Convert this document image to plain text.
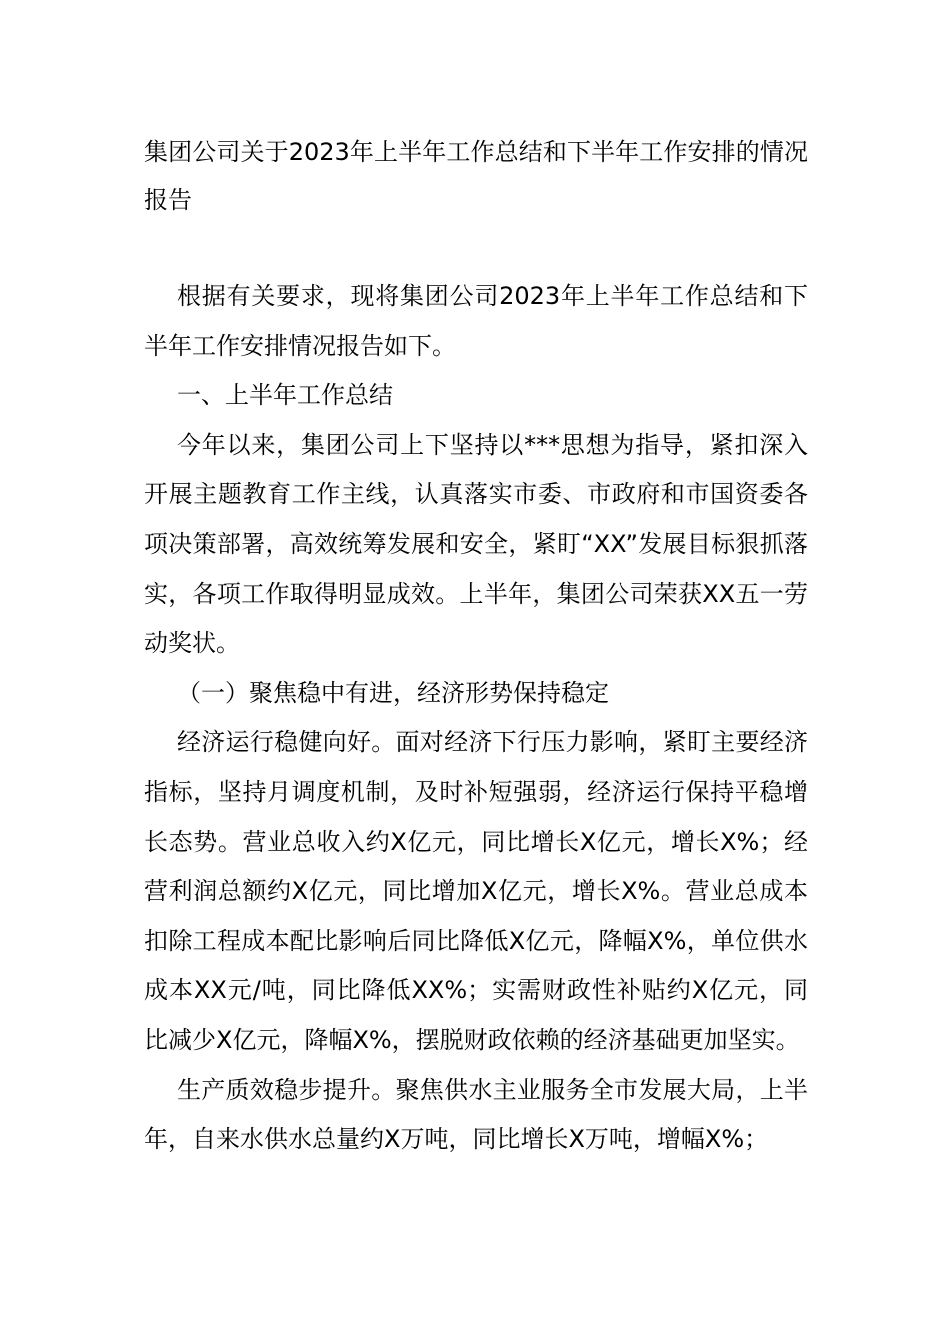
集团公司关于2023年上半年工作总结和下半年工作安排的情况报告

根据有关要求，现将集团公司2023年上半年工作总结和下半年工作安排情况报告如下。

一、上半年工作总结

今年以来，集团公司上下坚持以***思想为指导，紧扣深入开展主题教育工作主线，认真落实市委、市政府和市国资委各项决策部署，高效统筹发展和安全，紧盯“XX”发展目标狠抓落实，各项工作取得明显成效。上半年，集团公司荣获XX五一劳动奖状。

（一）聚焦稳中有进，经济形势保持稳定

经济运行稳健向好。面对经济下行压力影响，紧盯主要经济指标，坚持月调度机制，及时补短强弱，经济运行保持平稳增长态势。营业总收入约X亿元，同比增长X亿元，增长X%；经营利润总额约X亿元，同比增加X亿元，增长X%。营业总成本扣除工程成本配比影响后同比降低X亿元，降幅X%，单位供水成本XX元/吨，同比降低XX%；实需财政性补贴约X亿元，同比减少X亿元，降幅X%，摆脱财政依赖的经济基础更加坚实。

生产质效稳步提升。聚焦供水主业服务全市发展大局，上半年，自来水供水总量约X万吨，同比增长X万吨，增幅X%；
